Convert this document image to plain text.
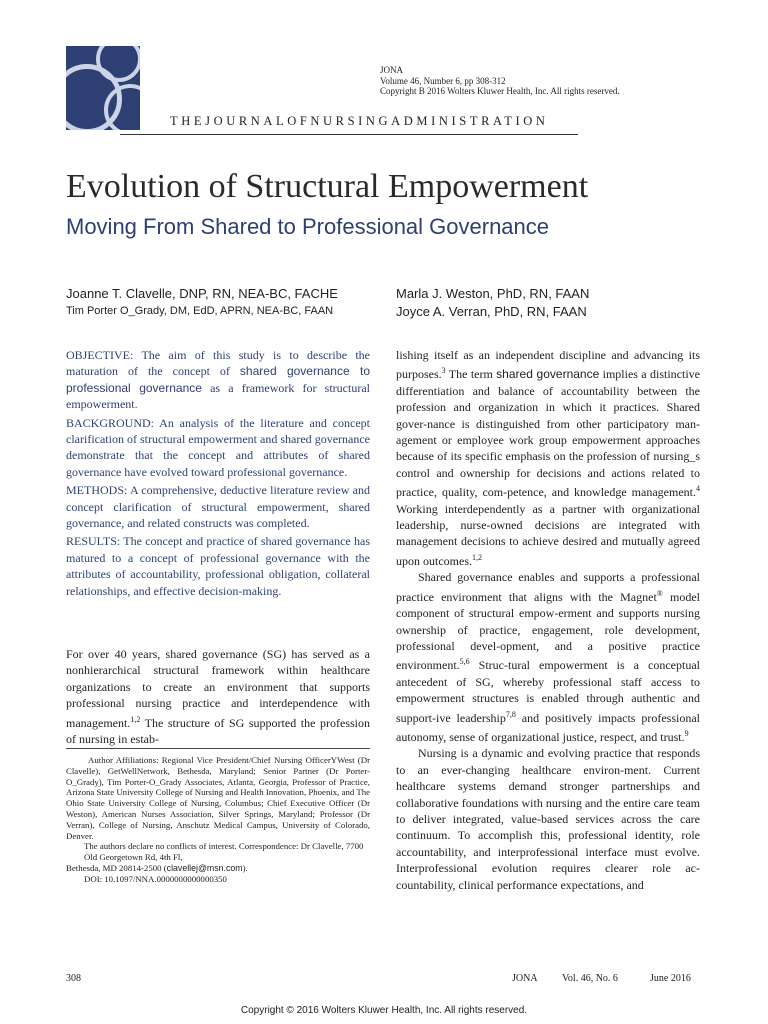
JONA
Volume 46, Number 6, pp 308-312
Copyright B 2016 Wolters Kluwer Health, Inc. All rights reserved.
THEJOURNALOFNURSINGADMINISTRATION
Evolution of Structural Empowerment
Moving From Shared to Professional Governance
Joanne T. Clavelle, DNP, RN, NEA-BC, FACHE
Tim Porter O_Grady, DM, EdD, APRN, NEA-BC, FAAN
Marla J. Weston, PhD, RN, FAAN
Joyce A. Verran, PhD, RN, FAAN

OBJECTIVE: The aim of this study is to describe the maturation of the concept of shared governance to professional governance as a framework for structural empowerment.

BACKGROUND: An analysis of the literature and concept clarification of structural empowerment and shared governance demonstrate that the concept and attributes of shared governance have evolved toward professional governance.

METHODS: A comprehensive, deductive literature review and concept clarification of structural empowerment, shared governance, and related constructs was completed.

RESULTS: The concept and practice of shared governance has matured to a concept of professional governance with the attributes of accountability, professional obligation, collateral relationships, and effective decision-making.

For over 40 years, shared governance (SG) has served as a nonhierarchical structural framework within healthcare organizations to create an environment that supports professional nursing practice and interdependence with management.$^{1,2}$ The structure of SG supported the profession of nursing in estab-

Author Affiliations: Regional Vice President/Chief Nursing OfficerYWest (Dr Clavelle), GetWellNetwork, Bethesda, Maryland; Senior Partner (Dr Porter-O_Grady), Tim Porter-O_Grady Associates, Atlanta, Georgia, Professor of Practice, Arizona State University College of Nursing and Health Innovation, Phoenix, and The Ohio State University College of Nursing, Columbus; Chief Executive Officer (Dr Weston), American Nurses Association, Silver Springs, Maryland; Professor (Dr Verran), College of Nursing, Anschutz Medical Campus, University of Colorado, Denver.

The authors declare no conflicts of interest. Correspondence: Dr Clavelle, 7700 Old Georgetown Rd, 4th Fl,

Bethesda, MD 20814-2500 (clavellej@msn.com).

DOI: 10.1097/NNA.0000000000000350

lishing itself as an independent discipline and advancing its purposes.$^3$ The term shared governance implies a distinctive differentiation and balance of accountability between the profession and organization in which it practices. Shared gover-nance is distinguished from other participatory man-agement or employee work group empowerment approaches because of its specific emphasis on the profession of nursing_s control and ownership for decisions and actions related to practice, quality, com-petence, and knowledge management.$^4$ Working interdependently as a partner with organizational leadership, nurse-owned decisions are integrated with management decisions to achieve desired and mutually agreed upon outcomes.$^{1,2}$

Shared governance enables and supports a professional practice environment that aligns with the Magnet® model component of structural empow-erment and supports nursing ownership of practice, engagement, role development, professional devel-opment, and a positive practice environment.$^{5,6}$ Struc-tural empowerment is a conceptual antecedent of SG, whereby professional staff access to empowerment structures is enabled through authentic and support-ive leadership$^{7,8}$ and positively impacts professional autonomy, sense of organizational justice, respect, and trust.$^9$

Nursing is a dynamic and evolving practice that responds to an ever-changing healthcare environ-ment. Current healthcare systems demand stronger partnerships and collaborative foundations with nursing and the entire care team to deliver integrated, value-based services across the care continuum. To accomplish this, professional identity, role accountability, and interprofessional interface must evolve. Interprofessional evolution requires clearer role ac-countability, clinical performance expectations, and

308	JONA Vol. 46, No. 6	June 2016
Copyright © 2016 Wolters Kluwer Health, Inc. All rights reserved.
